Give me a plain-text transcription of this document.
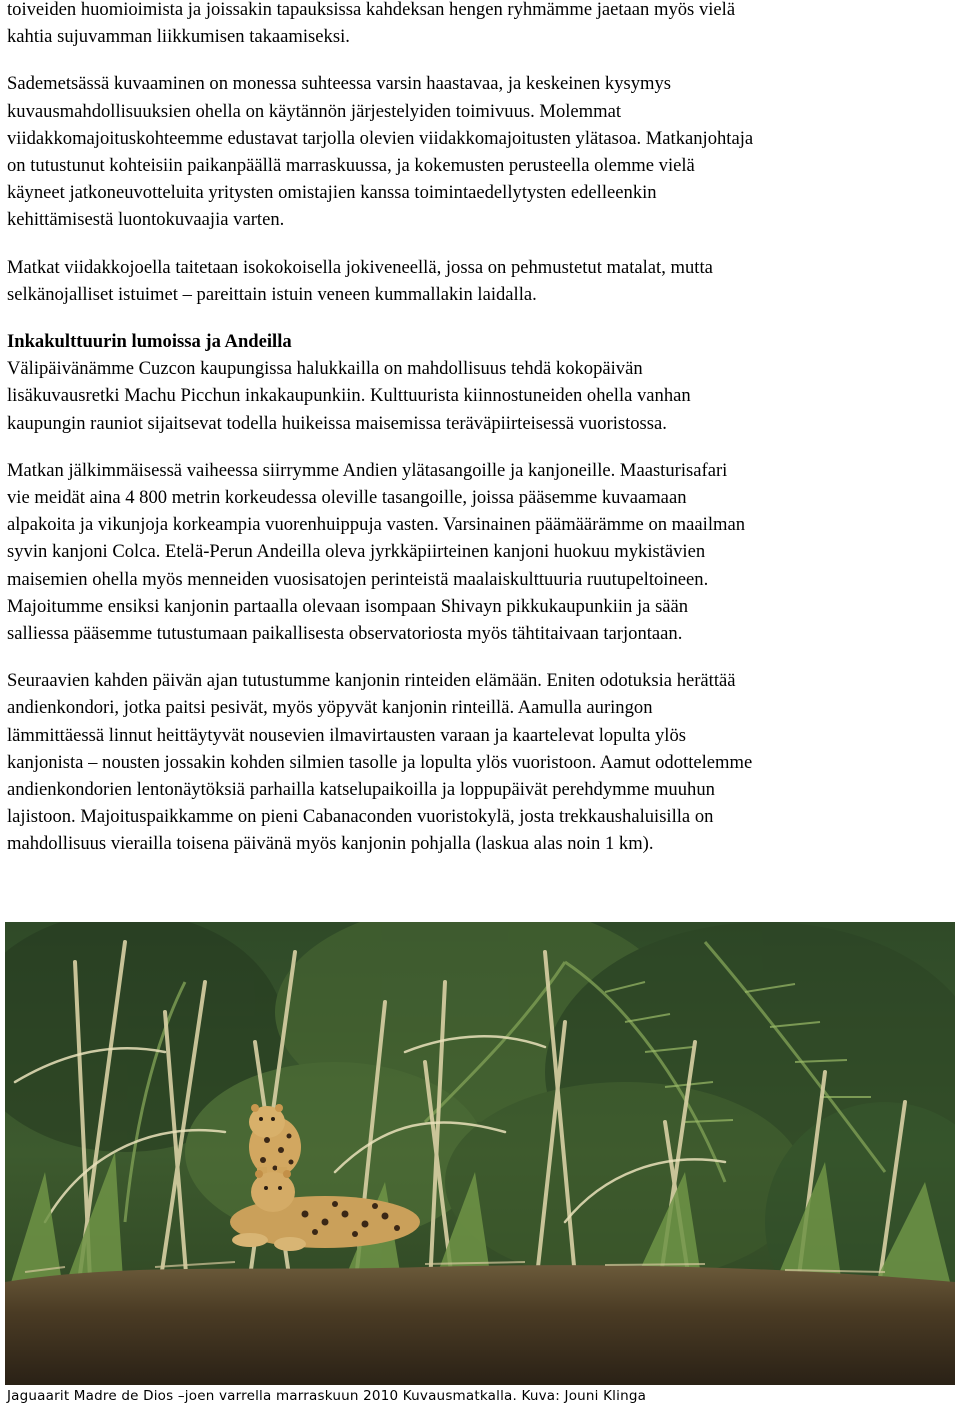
toiveiden huomioimista ja joissakin tapauksissa kahdeksan hengen ryhmämme jaetaan myös vielä
kahtia sujuvamman liikkumisen takaamiseksi.

Sademetsässä kuvaaminen on monessa suhteessa varsin haastavaa, ja keskeinen kysymys
kuvausmahdollisuuksien ohella on käytännön järjestelyiden toimivuus. Molemmat
viidakkomajoituskohteemme edustavat tarjolla olevien viidakkomajoitusten ylätasoa. Matkanjohtaja
on tutustunut kohteisiin paikanpäällä marraskuussa, ja kokemusten perusteella olemme vielä
käyneet jatkoneuvotteluita yritysten omistajien kanssa toimintaedellytysten edelleenkin
kehittämisestä luontokuvaajia varten.

Matkat viidakkojoella taitetaan isokokoisella jokiveneellä, jossa on pehmustetut matalat, mutta
selkänojalliset istuimet – pareittain istuin veneen kummallakin laidalla.

Inkakulttuurin lumoissa ja Andeilla
Välipäivänämme Cuzcon kaupungissa halukkailla on mahdollisuus tehdä kokopäivän
lisäkuvausretki Machu Picchun inkakaupunkiin. Kulttuurista kiinnostuneiden ohella vanhan
kaupungin rauniot sijaitsevat todella huikeissa maisemissa teräväpiirteisessä vuoristossa.

Matkan jälkimmäisessä vaiheessa siirrymme Andien ylätasangoille ja kanjoneille. Maasturisafari
vie meidät aina 4 800 metrin korkeudessa oleville tasangoille, joissa pääsemme kuvaamaan
alpakoita ja vikunjoja korkeampia vuorenhuippuja vasten. Varsinainen päämäärämme on maailman
syvin kanjoni Colca. Etelä-Perun Andeilla oleva jyrkkäpiirteinen kanjoni huokuu mykistävien
maisemien ohella myös menneiden vuosisatojen perinteistä maalaiskulttuuria ruutupeltoineen.
Majoitumme ensiksi kanjonin partaalla olevaan isompaan Shivayn pikkukaupunkiin ja sään
salliessa pääsemme tutustumaan paikallisesta observatoriosta myös tähtitaivaan tarjontaan.

Seuraavien kahden päivän ajan tutustumme kanjonin rinteiden elämään. Eniten odotuksia herättää
andienkondori, jotka paitsi pesivät, myös yöpyvät kanjonin rinteillä. Aamulla auringon
lämmittäessä linnut heittäytyvät nousevien ilmavirtausten varaan ja kaartelevat lopulta ylös
kanjonista – nousten jossakin kohden silmien tasolle ja lopulta ylös vuoristoon. Aamut odottelemme
andienkondorien lentonäytöksiä parhailla katselupaikoilla ja loppupäivät perehdymme muuhun
lajistoon. Majoituspaikkamme on pieni Cabanaconden vuoristokylä, josta trekkaushaluisilla on
mahdollisuus vierailla toisena päivänä myös kanjonin pohjalla (laskua alas noin 1 km).

Jaguaarit Madre de Dios –joen varrella marraskuun 2010 Kuvausmatkalla. Kuva: Jouni Klinga
